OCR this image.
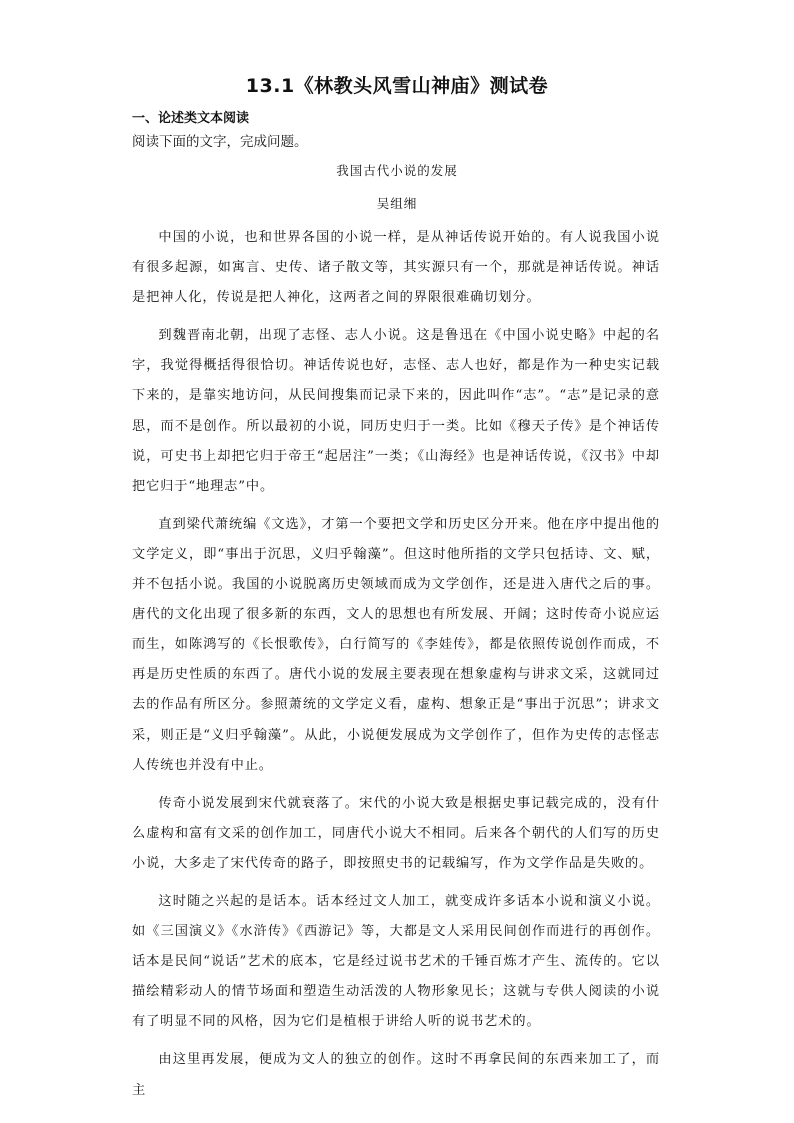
13.1《林教头风雪山神庙》测试卷
一、论述类文本阅读
阅读下面的文字，完成问题。
我国古代小说的发展
吴组缃

中国的小说，也和世界各国的小说一样，是从神话传说开始的。有人说我国小说有很多起源，如寓言、史传、诸子散文等，其实源只有一个，那就是神话传说。神话是把神人化，传说是把人神化，这两者之间的界限很难确切划分。

到魏晋南北朝，出现了志怪、志人小说。这是鲁迅在《中国小说史略》中起的名字，我觉得概括得很恰切。神话传说也好，志怪、志人也好，都是作为一种史实记载下来的，是靠实地访问，从民间搜集而记录下来的，因此叫作“志”。“志”是记录的意思，而不是创作。所以最初的小说，同历史归于一类。比如《穆天子传》是个神话传说，可史书上却把它归于帝王“起居注”一类；《山海经》也是神话传说，《汉书》中却把它归于“地理志”中。

直到梁代萧统编《文选》，才第一个要把文学和历史区分开来。他在序中提出他的文学定义，即“事出于沉思，义归乎翰藻”。但这时他所指的文学只包括诗、文、赋，并不包括小说。我国的小说脱离历史领域而成为文学创作，还是进入唐代之后的事。唐代的文化出现了很多新的东西，文人的思想也有所发展、开阔；这时传奇小说应运而生，如陈鸿写的《长恨歌传》，白行简写的《李娃传》，都是依照传说创作而成，不再是历史性质的东西了。唐代小说的发展主要表现在想象虚构与讲求文采，这就同过去的作品有所区分。参照萧统的文学定义看，虚构、想象正是“事出于沉思”；讲求文采，则正是“义归乎翰藻”。从此，小说便发展成为文学创作了，但作为史传的志怪志人传统也并没有中止。

传奇小说发展到宋代就衰落了。宋代的小说大致是根据史事记载完成的，没有什么虚构和富有文采的创作加工，同唐代小说大不相同。后来各个朝代的人们写的历史小说，大多走了宋代传奇的路子，即按照史书的记载编写，作为文学作品是失败的。

这时随之兴起的是话本。话本经过文人加工，就变成许多话本小说和演义小说。如《三国演义》《水浒传》《西游记》等，大都是文人采用民间创作而进行的再创作。话本是民间“说话”艺术的底本，它是经过说书艺术的千锤百炼才产生、流传的。它以描绘精彩动人的情节场面和塑造生动活泼的人物形象见长；这就与专供人阅读的小说有了明显不同的风格，因为它们是植根于讲给人听的说书艺术的。

由这里再发展，便成为文人的独立的创作。这时不再拿民间的东西来加工了，而主
